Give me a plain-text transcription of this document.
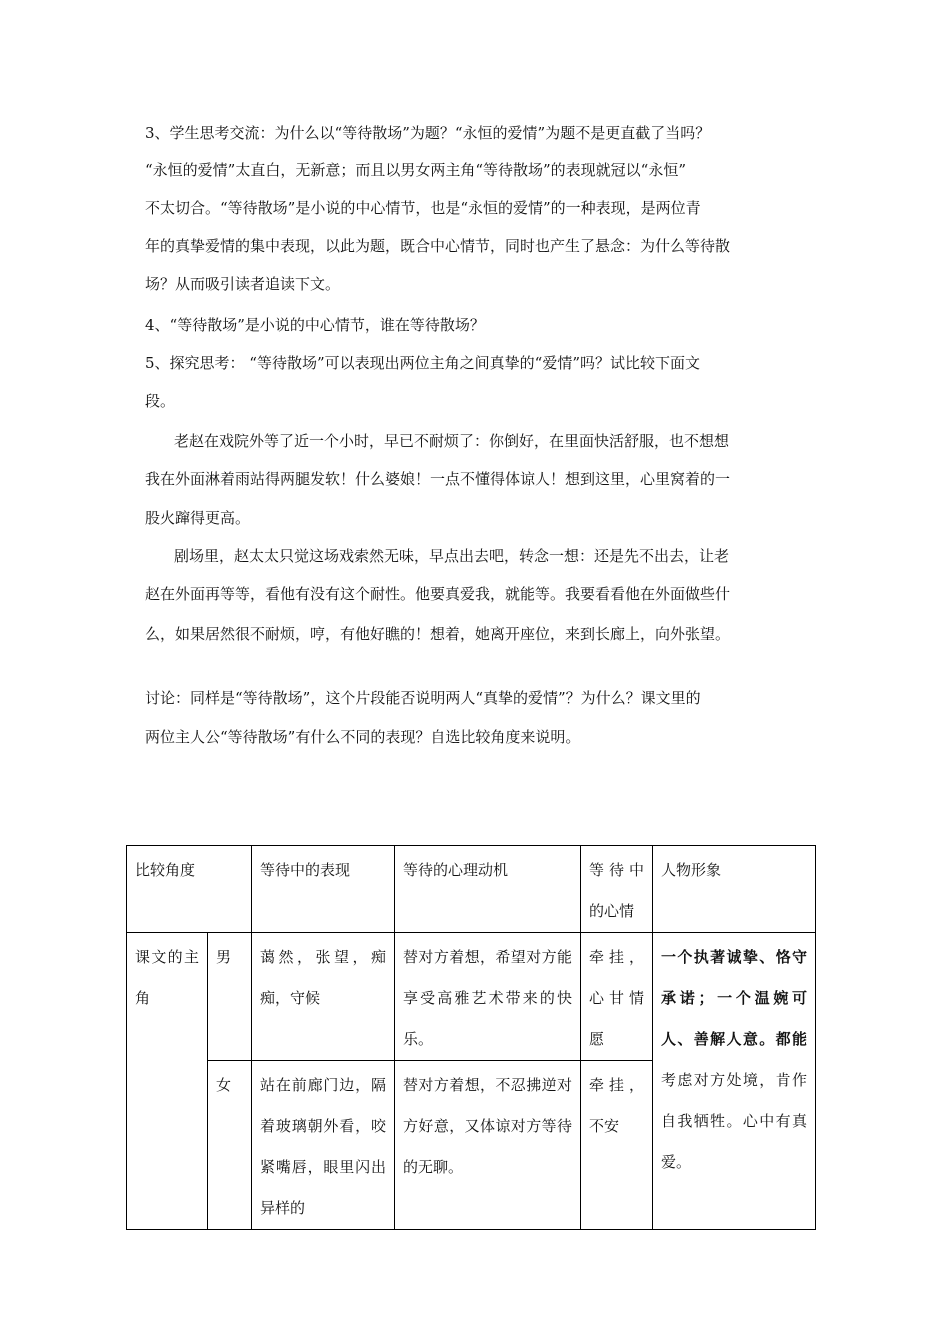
3、学生思考交流：为什么以“等待散场”为题？“永恒的爱情”为题不是更直截了当吗？
“永恒的爱情”太直白，无新意；而且以男女两主角“等待散场”的表现就冠以“永恒”
不太切合。“等待散场”是小说的中心情节，也是“永恒的爱情”的一种表现，是两位青
年的真挚爱情的集中表现，以此为题，既合中心情节，同时也产生了悬念：为什么等待散
场？从而吸引读者追读下文。
4、“等待散场”是小说的中心情节，谁在等待散场？
5、探究思考： “等待散场”可以表现出两位主角之间真挚的“爱情”吗？试比较下面文
段。
老赵在戏院外等了近一个小时，早已不耐烦了：你倒好，在里面快活舒服，也不想想
我在外面淋着雨站得两腿发软！什么婆娘！一点不懂得体谅人！想到这里，心里窝着的一
股火蹿得更高。
剧场里，赵太太只觉这场戏索然无味，早点出去吧，转念一想：还是先不出去，让老
赵在外面再等等，看他有没有这个耐性。他要真爱我，就能等。我要看看他在外面做些什
么，如果居然很不耐烦，哼，有他好瞧的！想着，她离开座位，来到长廊上，向外张望。
讨论：同样是“等待散场”，这个片段能否说明两人“真挚的爱情”？为什么？课文里的
两位主人公“等待散场”有什么不同的表现？自选比较角度来说明。
比较角度		等待中的表现	等待的心理动机	等待中的心情	人物形象
课文的主角	男	蔼然，张望，痴痴，守候	替对方着想，希望对方能享受高雅艺术带来的快乐。	牵挂，心甘情愿	一个执著诚挚、恪守承诺；一个温婉可人、善解人意。都能考虑对方处境，肯作自我牺牲。心中有真爱。
	女	站在前廊门边，隔着玻璃朝外看，咬紧嘴唇，眼里闪出异样的	替对方着想，不忍拂逆对方好意，又体谅对方等待的无聊。	牵挂，不安	
